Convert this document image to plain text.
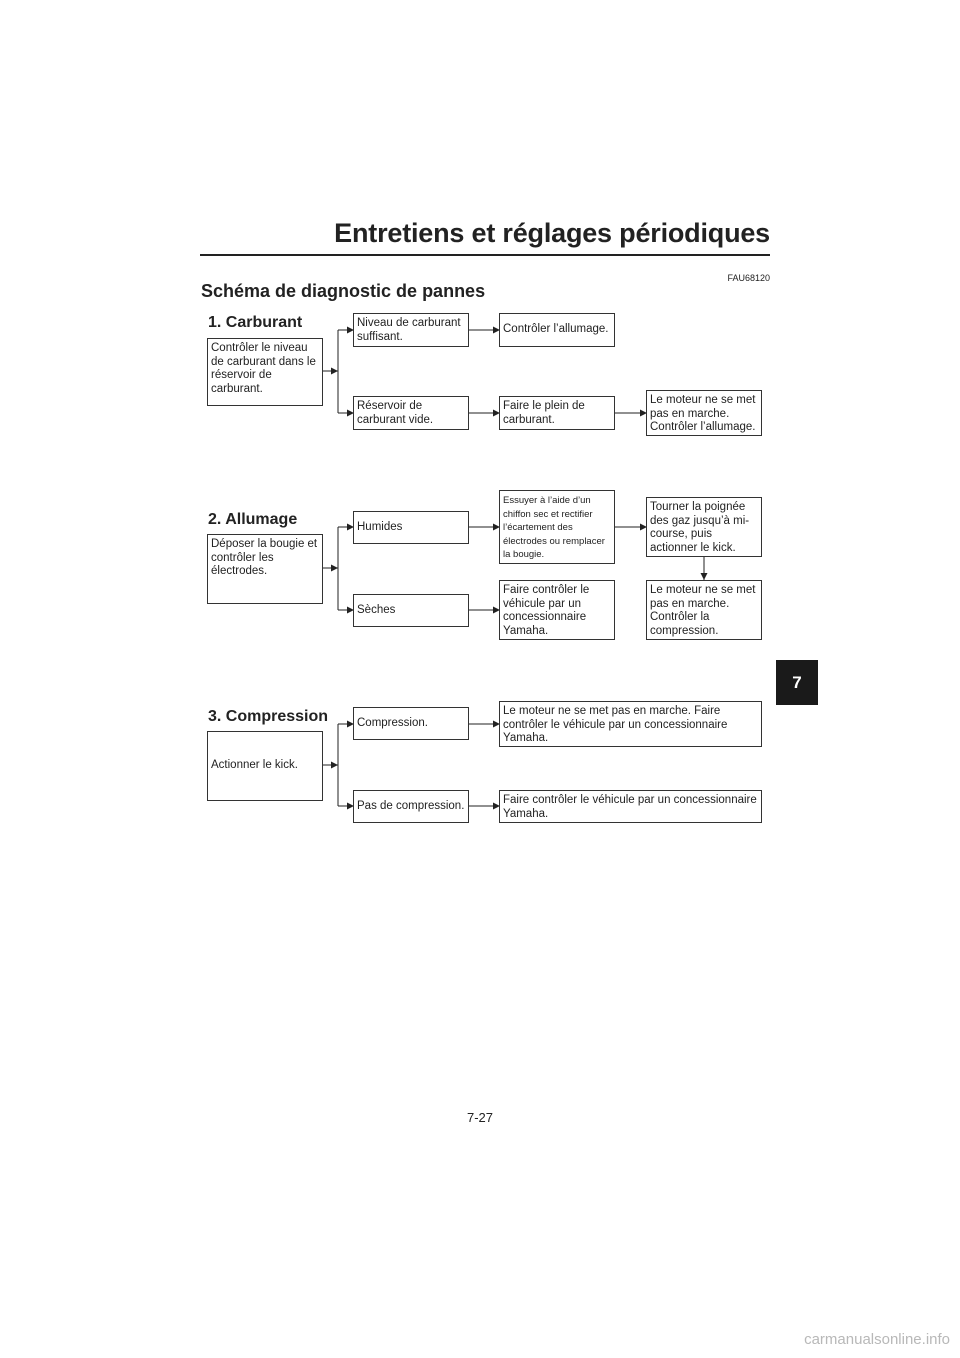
Entretiens et réglages périodiques
FAU68120
Schéma de diagnostic de pannes
1. Carburant
Contrôler le niveau de carburant dans le réservoir de carburant.
Niveau de carburant suffisant.
Contrôler l’allumage.
Réservoir de carburant vide.
Faire le plein de carburant.
Le moteur ne se met pas en marche. Contrôler l’allumage.
2. Allumage
Déposer la bougie et contrôler les électrodes.
Humides
Essuyer à l’aide d’un chiffon sec et rectifier l’écartement des électrodes ou remplacer la bougie.
Tourner la poignée des gaz jusqu’à mi-course, puis actionner le kick.
Le moteur ne se met pas en marche. Contrôler la compression.
Sèches
Faire contrôler le véhicule par un concessionnaire Yamaha.
3. Compression
Actionner le kick.
Compression.
Le moteur ne se met pas en marche. Faire contrôler le véhicule par un concessionnaire Yamaha.
Pas de compression.	Faire contrôler le véhicule par un concessionnaire Yamaha.
7
7-27
carmanualsonline.info
